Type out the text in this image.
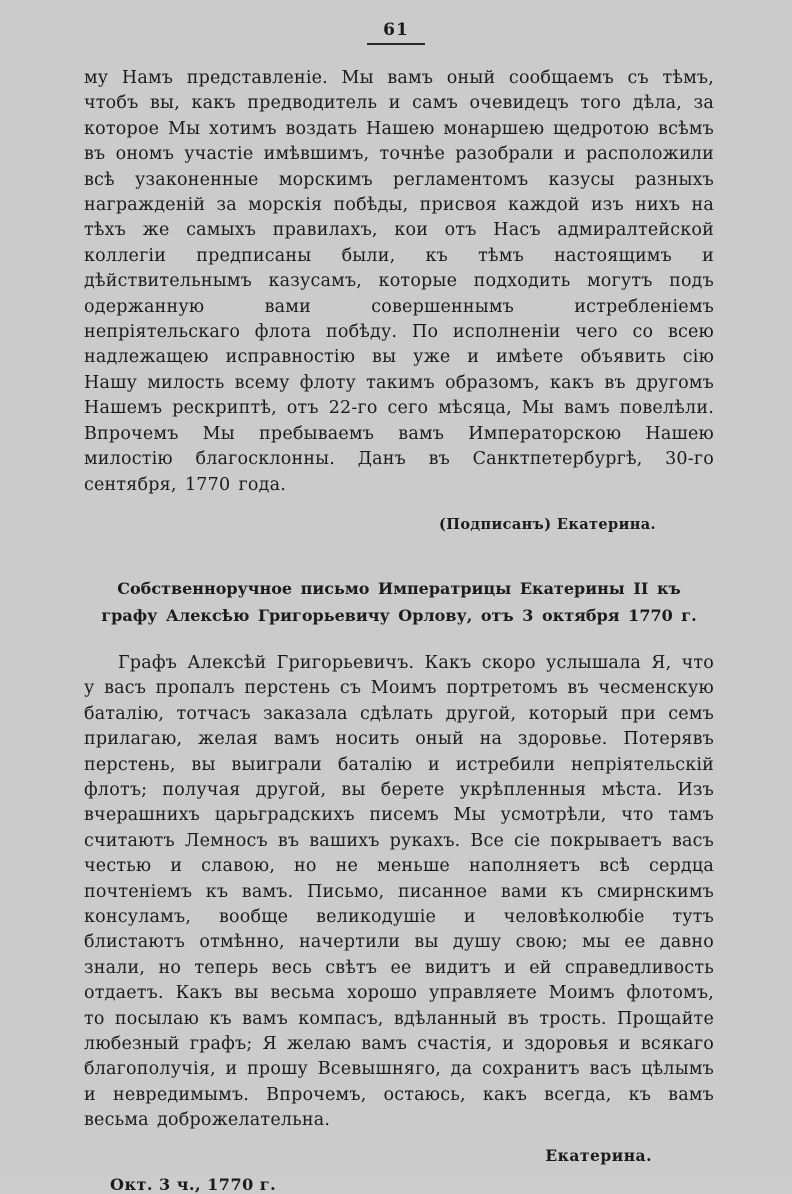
61

му Намъ представленіе. Мы вамъ оный сообщаемъ съ тѣмъ, чтобъ вы, какъ предводитель и самъ очевидецъ того дѣла, за которое Мы хотимъ воздать Нашею монаршею щедротою всѣмъ въ ономъ участіе имѣвшимъ, точнѣе разобрали и расположили всѣ узаконенные морскимъ регламентомъ казусы разныхъ награжденій за морскія побѣды, присвоя каждой изъ нихъ на тѣхъ же самыхъ правилахъ, кои отъ Насъ адмиралтейской коллегіи предписаны были, къ тѣмъ настоящимъ и дѣйствительнымъ казусамъ, которые подходить могутъ подъ одержанную вами совершеннымъ истребленіемъ непріятельскаго флота побѣду. По исполненіи чего со всею надлежащею исправностію вы уже и имѣете объявить сію Нашу милость всему флоту такимъ образомъ, какъ въ другомъ Нашемъ рескриптѣ, отъ 22-го сего мѣсяца, Мы вамъ повелѣли. Впрочемъ Мы пребываемъ вамъ Императорскою Нашею милостію благосклонны. Данъ въ Санктпетербургѣ, 30-го сентября, 1770 года.

(Подписанъ) Екатерина.

Собственноручное письмо Императрицы Екатерины II къ графу Алексѣю Григорьевичу Орлову, отъ 3 октября 1770 г.

Графъ Алексѣй Григорьевичъ. Какъ скоро услышала Я, что у васъ пропалъ перстень съ Моимъ портретомъ въ чесменскую баталію, тотчасъ заказала сдѣлать другой, который при семъ прилагаю, желая вамъ носить оный на здоровье. Потерявъ перстень, вы выиграли баталію и истребили непріятельскій флотъ; получая другой, вы берете укрѣпленныя мѣста. Изъ вчерашнихъ царьградскихъ писемъ Мы усмотрѣли, что тамъ считаютъ Лемносъ въ вашихъ рукахъ. Все сіе покрываетъ васъ честью и славою, но не меньше наполняетъ всѣ сердца почтеніемъ къ вамъ. Письмо, писанное вами къ смирнскимъ консуламъ, вообще великодушіе и человѣколюбіе тутъ блистаютъ отмѣнно, начертили вы душу свою; мы ее давно знали, но теперь весь свѣтъ ее видитъ и ей справедливость отдаетъ. Какъ вы весьма хорошо управляете Моимъ флотомъ, то посылаю къ вамъ компасъ, вдѣланный въ трость. Прощайте любезный графъ; Я желаю вамъ счастія, и здоровья и всякаго благополучія, и прошу Всевышняго, да сохранитъ васъ цѣлымъ и невредимымъ. Впрочемъ, остаюсь, какъ всегда, къ вамъ весьма доброжелательна.

Екатерина.

Окт. 3 ч., 1770 г.
